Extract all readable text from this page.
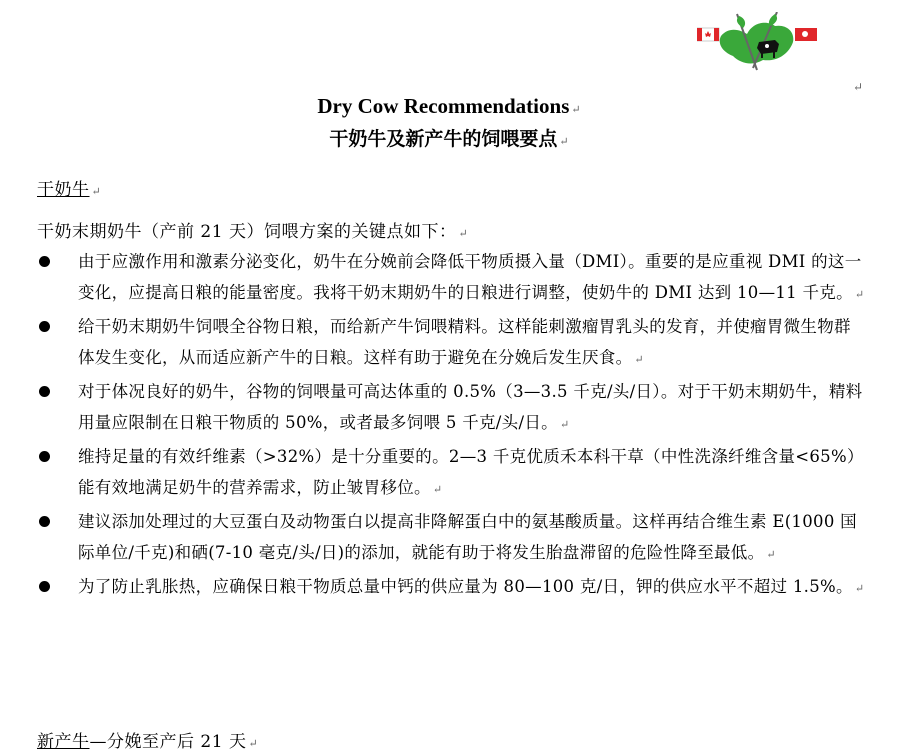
↵
Dry Cow Recommendations ↵
干奶牛及新产牛的饲喂要点 ↵
干奶牛 ↵
干奶末期奶牛（产前 21 天）饲喂方案的关键点如下： ↵
由于应激作用和激素分泌变化，奶牛在分娩前会降低干物质摄入量（DMI）。重要的是应重视 DMI 的这一变化，应提高日粮的能量密度。我将干奶末期奶牛的日粮进行调整，使奶牛的 DMI 达到 10—11 千克。 ↵
给干奶末期奶牛饲喂全谷物日粮，而给新产牛饲喂精料。这样能刺激瘤胃乳头的发育，并使瘤胃微生物群体发生变化，从而适应新产牛的日粮。这样有助于避免在分娩后发生厌食。 ↵
对于体况良好的奶牛，谷物的饲喂量可高达体重的 0.5%（3—3.5 千克/头/日）。对于干奶末期奶牛，精料用量应限制在日粮干物质的 50%，或者最多饲喂 5 千克/头/日。 ↵
维持足量的有效纤维素（>32%）是十分重要的。2—3 千克优质禾本科干草（中性洗涤纤维含量<65%）能有效地满足奶牛的营养需求，防止皱胃移位。 ↵
建议添加处理过的大豆蛋白及动物蛋白以提高非降解蛋白中的氨基酸质量。这样再结合维生素 E(1000 国际单位/千克)和硒(7-10 毫克/头/日)的添加，就能有助于将发生胎盘滞留的危险性降至最低。 ↵
为了防止乳胀热，应确保日粮干物质总量中钙的供应量为 80—100 克/日，钾的供应水平不超过 1.5%。 ↵
新产牛—分娩至产后 21 天 ↵
